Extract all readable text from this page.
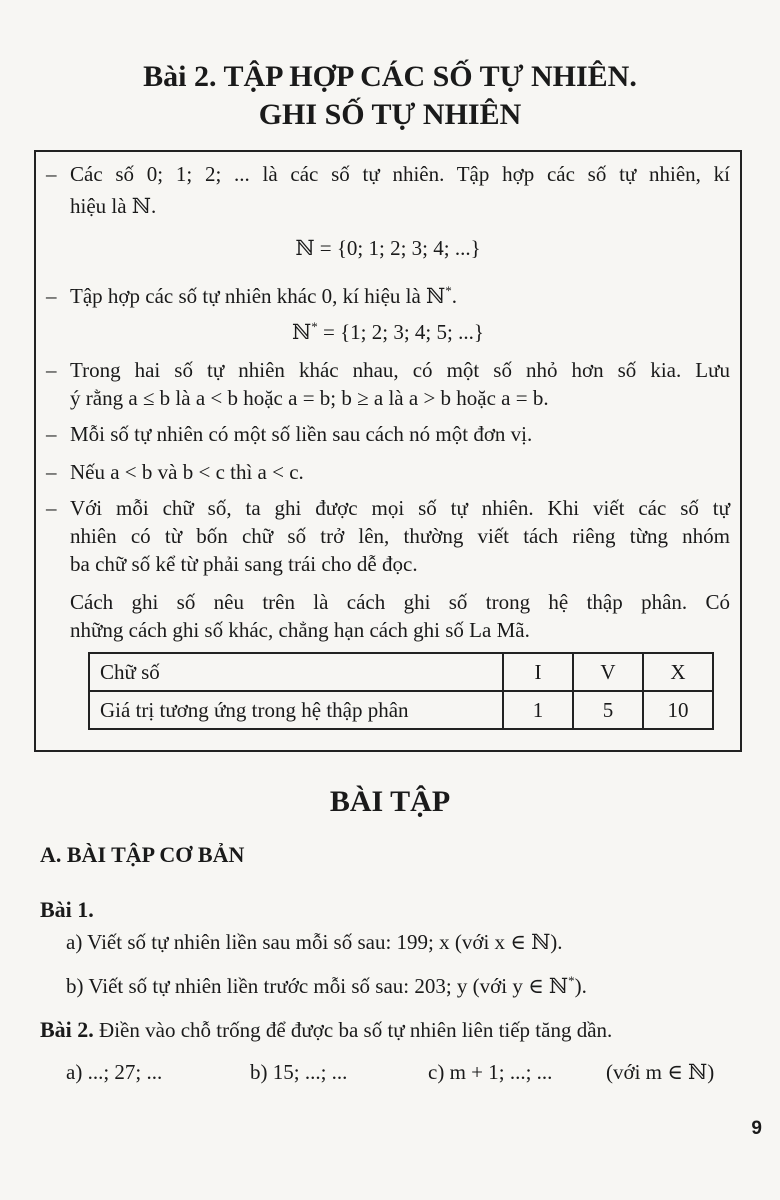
Bài 2. TẬP HỢP CÁC SỐ TỰ NHIÊN.
GHI SỐ TỰ NHIÊN
– Các số 0; 1; 2; ... là các số tự nhiên. Tập hợp các số tự nhiên, kí
hiệu là ℕ.
ℕ = {0; 1; 2; 3; 4; ...}
– Tập hợp các số tự nhiên khác 0, kí hiệu là ℕ*.
ℕ* = {1; 2; 3; 4; 5; ...}
– Trong hai số tự nhiên khác nhau, có một số nhỏ hơn số kia. Lưu
ý rằng a ≤ b là a < b hoặc a = b; b ≥ a là a > b hoặc a = b.
– Mỗi số tự nhiên có một số liền sau cách nó một đơn vị.
– Nếu a < b và b < c thì a < c.
– Với mỗi chữ số, ta ghi được mọi số tự nhiên. Khi viết các số tự
nhiên có từ bốn chữ số trở lên, thường viết tách riêng từng nhóm
ba chữ số kể từ phải sang trái cho dễ đọc.
Cách ghi số nêu trên là cách ghi số trong hệ thập phân. Có
những cách ghi số khác, chẳng hạn cách ghi số La Mã.
Chữ số	I	V	X
Giá trị tương ứng trong hệ thập phân	1	5	10
BÀI TẬP
A. BÀI TẬP CƠ BẢN
Bài 1.
a) Viết số tự nhiên liền sau mỗi số sau: 199; x (với x ∈ ℕ).
b) Viết số tự nhiên liền trước mỗi số sau: 203; y (với y ∈ ℕ*).
Bài 2. Điền vào chỗ trống để được ba số tự nhiên liên tiếp tăng dần.
a) ...; 27; ...	b) 15; ...; ...	c) m + 1; ...; ...	(với m ∈ ℕ)
9
